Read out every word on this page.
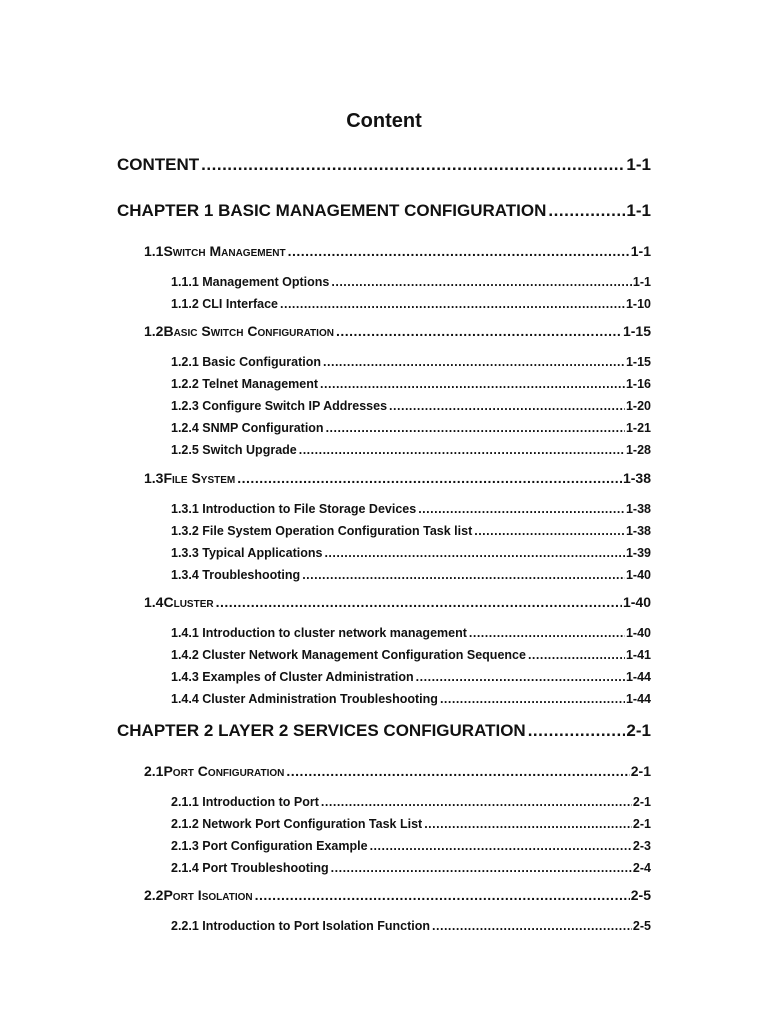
Content
CONTENT .....	1-1
CHAPTER 1 BASIC MANAGEMENT CONFIGURATION .....	1-1
1.1 Switch Management .....	1-1
1.1.1 Management Options .....	1-1
1.1.2 CLI Interface .....	1-10
1.2 Basic Switch Configuration .....	1-15
1.2.1 Basic Configuration .....	1-15
1.2.2 Telnet Management .....	1-16
1.2.3 Configure Switch IP Addresses .....	1-20
1.2.4 SNMP Configuration .....	1-21
1.2.5 Switch Upgrade .....	1-28
1.3 File System .....	1-38
1.3.1 Introduction to File Storage Devices .....	1-38
1.3.2 File System Operation Configuration Task list .....	1-38
1.3.3 Typical Applications .....	1-39
1.3.4 Troubleshooting .....	1-40
1.4 Cluster .....	1-40
1.4.1 Introduction to cluster network management .....	1-40
1.4.2 Cluster Network Management Configuration Sequence .....	1-41
1.4.3 Examples of Cluster Administration .....	1-44
1.4.4 Cluster Administration Troubleshooting .....	1-44
CHAPTER 2 LAYER 2 SERVICES CONFIGURATION .....	2-1
2.1 Port Configuration .....	2-1
2.1.1 Introduction to Port .....	2-1
2.1.2 Network Port Configuration Task List .....	2-1
2.1.3 Port Configuration Example .....	2-3
2.1.4 Port Troubleshooting .....	2-4
2.2 Port Isolation .....	2-5
2.2.1 Introduction to Port Isolation Function .....	2-5
